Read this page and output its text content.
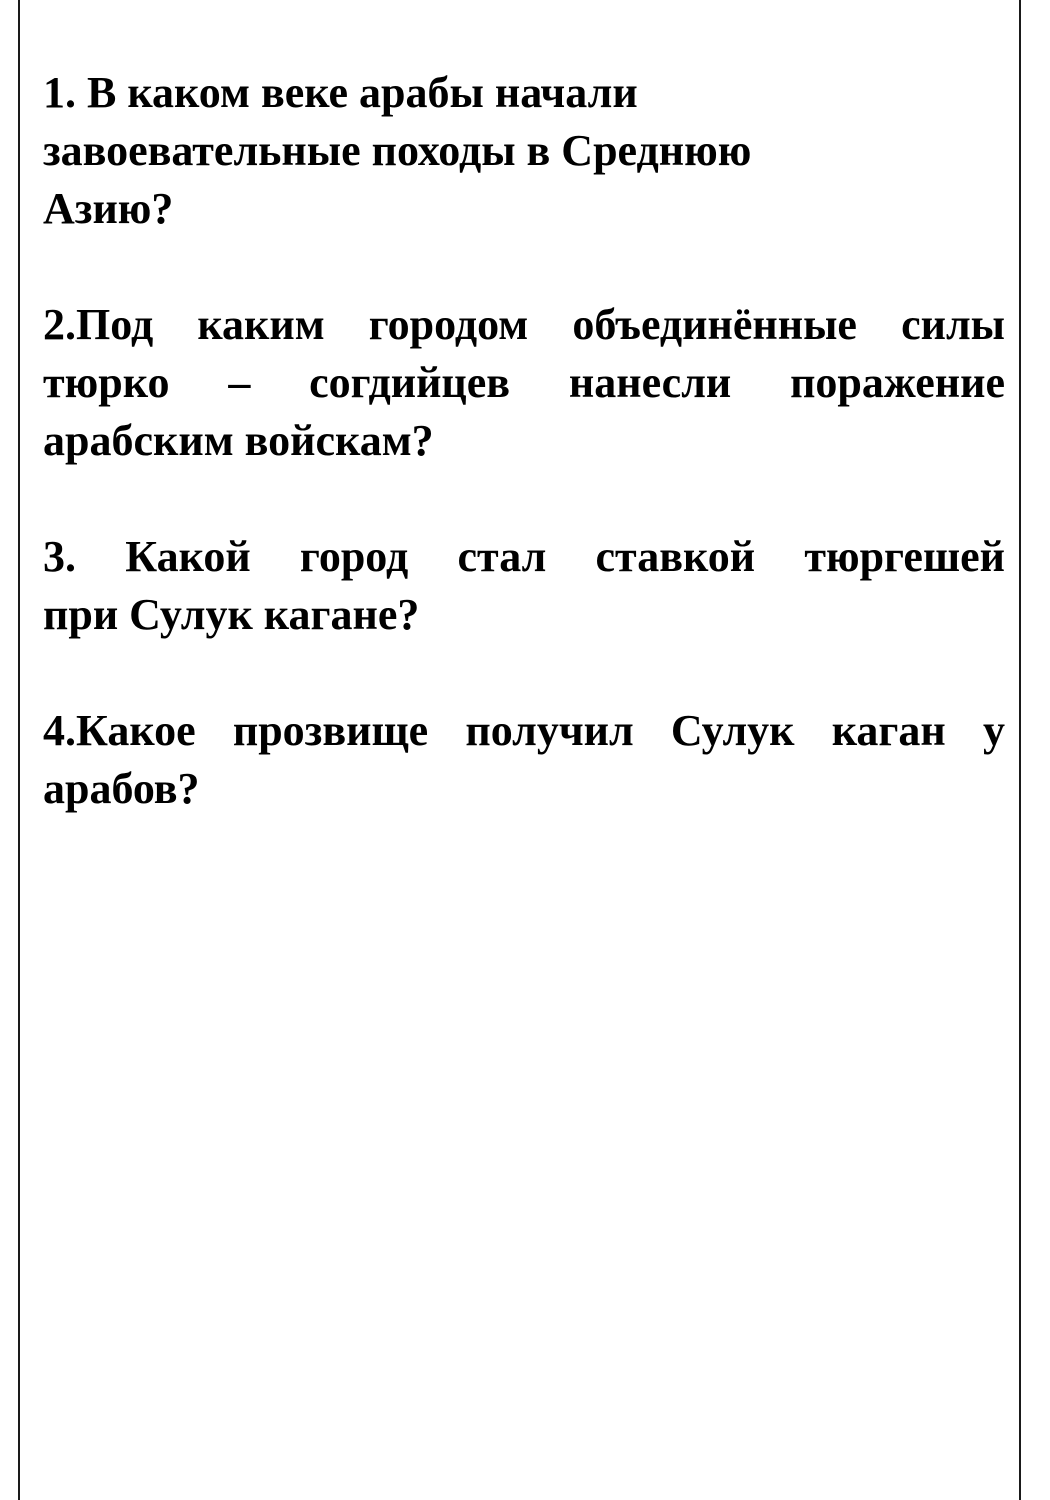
1. В каком веке арабы начали
завоевательные походы в Среднюю
Азию?
2.Под каким городом объединённые силы
тюрко – согдийцев нанесли поражение
арабским войскам?
3. Какой город стал ставкой тюргешей
при Сулук кагане?
4.Какое прозвище получил Сулук каган у
арабов?
